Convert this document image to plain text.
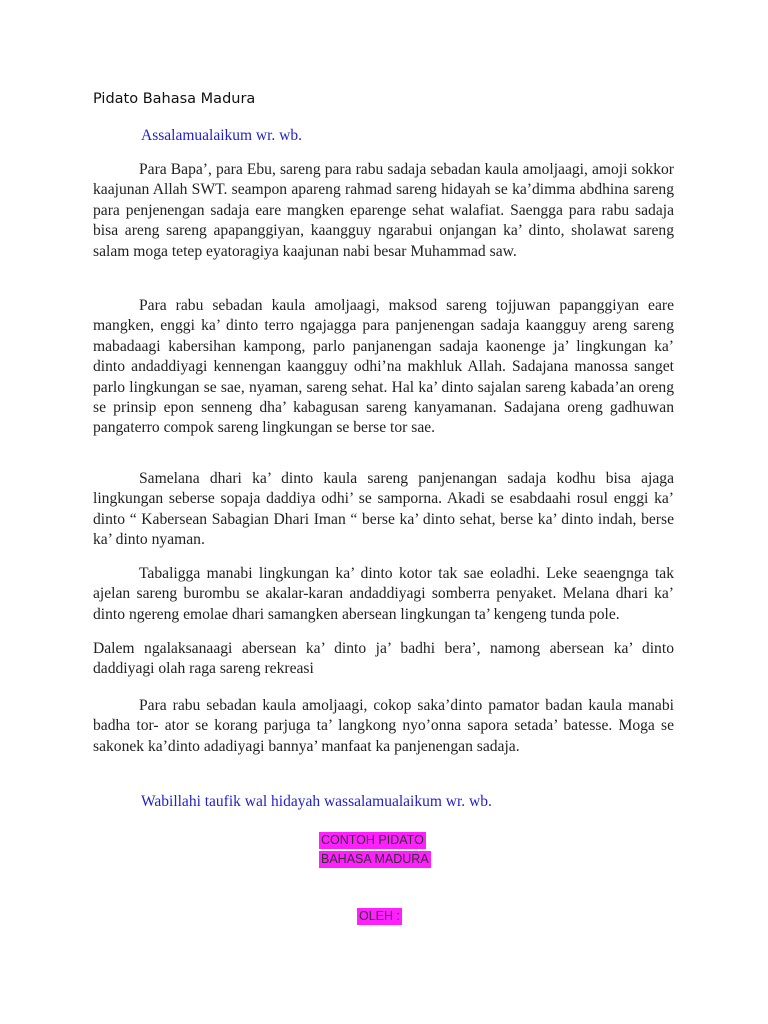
Pidato Bahasa Madura
Assalamualaikum wr. wb.

Para Bapa’, para Ebu, sareng para rabu sadaja sebadan kaula amoljaagi, amoji sokkor kaajunan Allah SWT. seampon apareng rahmad sareng hidayah se ka’dimma abdhina sareng para penjenengan sadaja eare mangken eparenge sehat walafiat. Saengga para rabu sadaja bisa areng sareng apapanggiyan, kaangguy ngarabui onjangan ka’ dinto, sholawat sareng salam moga tetep eyatoragiya kaajunan nabi besar Muhammad saw.

Para rabu sebadan kaula amoljaagi, maksod sareng tojjuwan papanggiyan eare mangken, enggi ka’ dinto terro ngajagga para panjenengan sadaja kaangguy areng sareng mabadaagi kabersihan kampong, parlo panjanengan sadaja kaonenge ja’ lingkungan ka’ dinto andaddiyagi kennengan kaangguy odhi’na makhluk Allah. Sadajana manossa sanget parlo lingkungan se sae, nyaman, sareng sehat. Hal ka’ dinto sajalan sareng kabada’an oreng se prinsip epon senneng dha’ kabagusan sareng kanyamanan. Sadajana oreng gadhuwan pangaterro compok sareng lingkungan se berse tor sae.

Samelana dhari ka’ dinto kaula sareng panjenangan sadaja kodhu bisa ajaga lingkungan seberse sopaja daddiya odhi’ se samporna. Akadi se esabdaahi rosul enggi ka’ dinto “ Kabersean Sabagian Dhari Iman “ berse ka’ dinto sehat, berse ka’ dinto indah, berse ka’ dinto nyaman.

Tabaligga manabi lingkungan ka’ dinto kotor tak sae eoladhi. Leke seaengnga tak ajelan sareng burombu se akalar-karan andaddiyagi somberra penyaket. Melana dhari ka’ dinto ngereng emolae dhari samangken abersean lingkungan ta’ kengeng tunda pole.

Dalem ngalaksanaagi abersean ka’ dinto ja’ badhi bera’, namong abersean ka’ dinto daddiyagi olah raga sareng rekreasi

Para rabu sebadan kaula amoljaagi, cokop saka’dinto pamator badan kaula manabi badha tor- ator se korang parjuga ta’ langkong nyo’onna sapora setada’ batesse. Moga se sakonek ka’dinto adadiyagi bannya’ manfaat ka panjenengan sadaja.

Wabillahi taufik wal hidayah wassalamualaikum wr. wb.
CONTOH PIDATO
BAHASA MADURA
OLEH :
